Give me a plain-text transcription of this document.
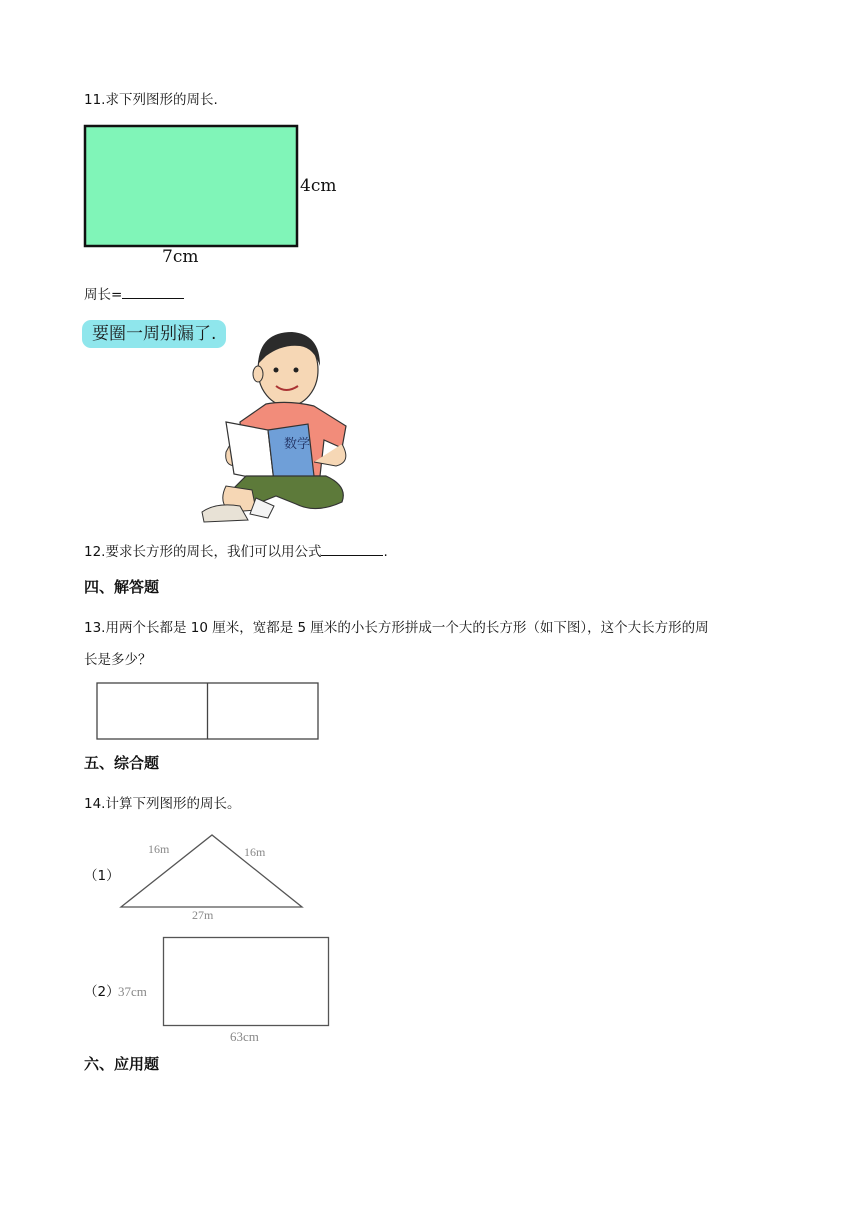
11.求下列图形的周长.
4cm
7cm
周长=
要圈一周别漏了.
数学
12.要求长方形的周长，我们可以用公式	.
四、解答题
13.用两个长都是 10 厘米，宽都是 5 厘米的小长方形拼成一个大的长方形（如下图），这个大长方形的周
长是多少？
五、综合题
14.计算下列图形的周长。
（1）
16m	16m
27m
（2）
37cm
63cm
六、应用题
